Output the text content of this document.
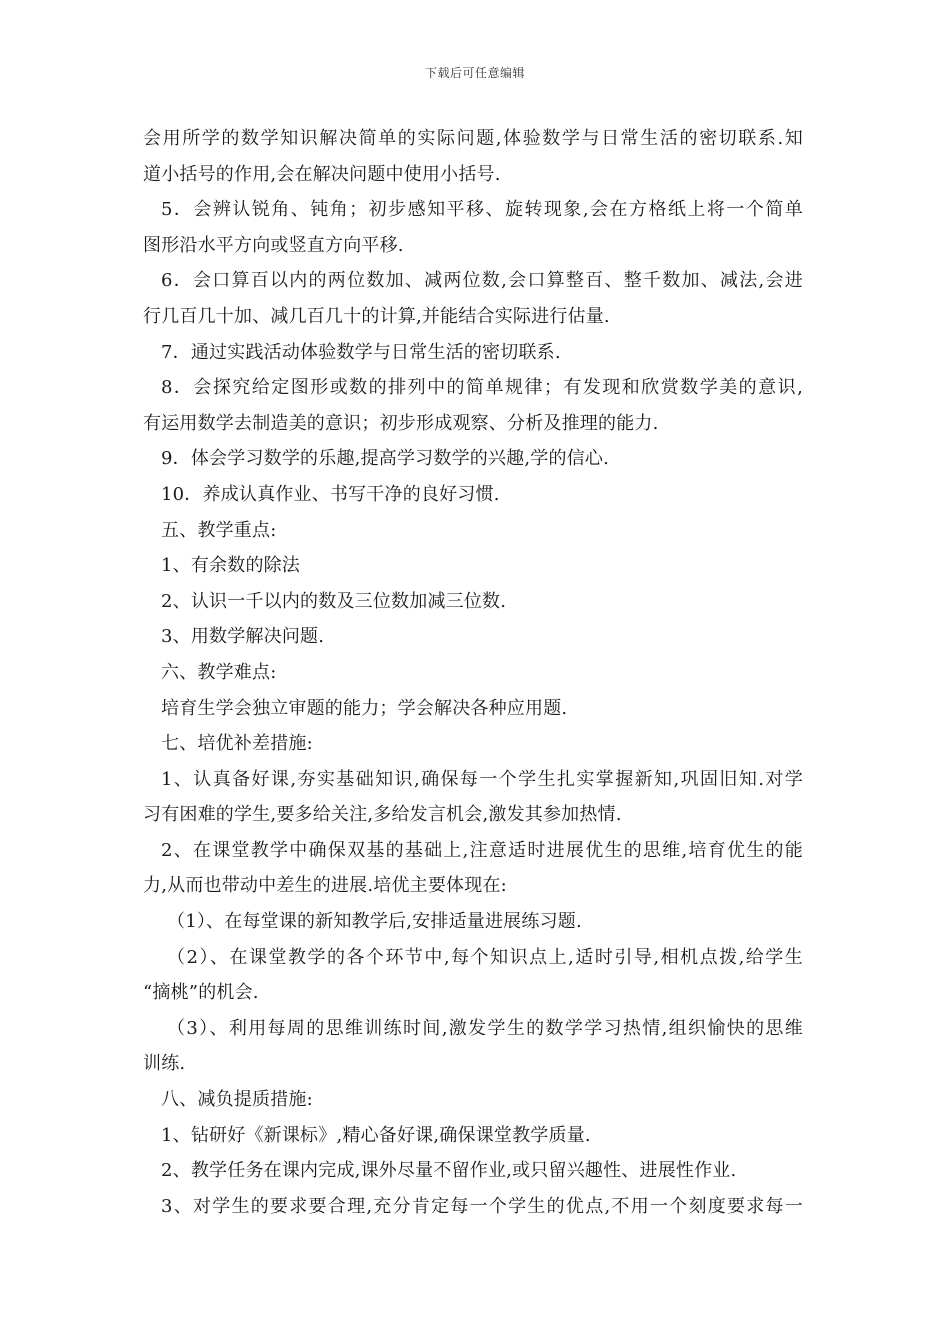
下载后可任意编辑
会用所学的数学知识解决简单的实际问题,体验数学与日常生活的密切联系.知
道小括号的作用,会在解决问题中使用小括号.
5．会辨认锐角、钝角；初步感知平移、旋转现象,会在方格纸上将一个简单
图形沿水平方向或竖直方向平移.
6．会口算百以内的两位数加、减两位数,会口算整百、整千数加、减法,会进
行几百几十加、减几百几十的计算,并能结合实际进行估量.
7．通过实践活动体验数学与日常生活的密切联系.
8．会探究给定图形或数的排列中的简单规律；有发现和欣赏数学美的意识,
有运用数学去制造美的意识；初步形成观察、分析及推理的能力.
9．体会学习数学的乐趣,提高学习数学的兴趣,学的信心.
10．养成认真作业、书写干净的良好习惯.
五、教学重点:
1、有余数的除法
2、认识一千以内的数及三位数加减三位数.
3、用数学解决问题.
六、教学难点:
培育生学会独立审题的能力；学会解决各种应用题.
七、培优补差措施:
1、认真备好课,夯实基础知识,确保每一个学生扎实掌握新知,巩固旧知.对学
习有困难的学生,要多给关注,多给发言机会,激发其参加热情.
2、在课堂教学中确保双基的基础上,注意适时进展优生的思维,培育优生的能
力,从而也带动中差生的进展.培优主要体现在:
（1）、在每堂课的新知教学后,安排适量进展练习题.
（2）、在课堂教学的各个环节中,每个知识点上,适时引导,相机点拨,给学生
“摘桃”的机会.
（3）、利用每周的思维训练时间,激发学生的数学学习热情,组织愉快的思维
训练.
八、减负提质措施:
1、钻研好《新课标》,精心备好课,确保课堂教学质量.
2、教学任务在课内完成,课外尽量不留作业,或只留兴趣性、进展性作业.
3、对学生的要求要合理,充分肯定每一个学生的优点,不用一个刻度要求每一
